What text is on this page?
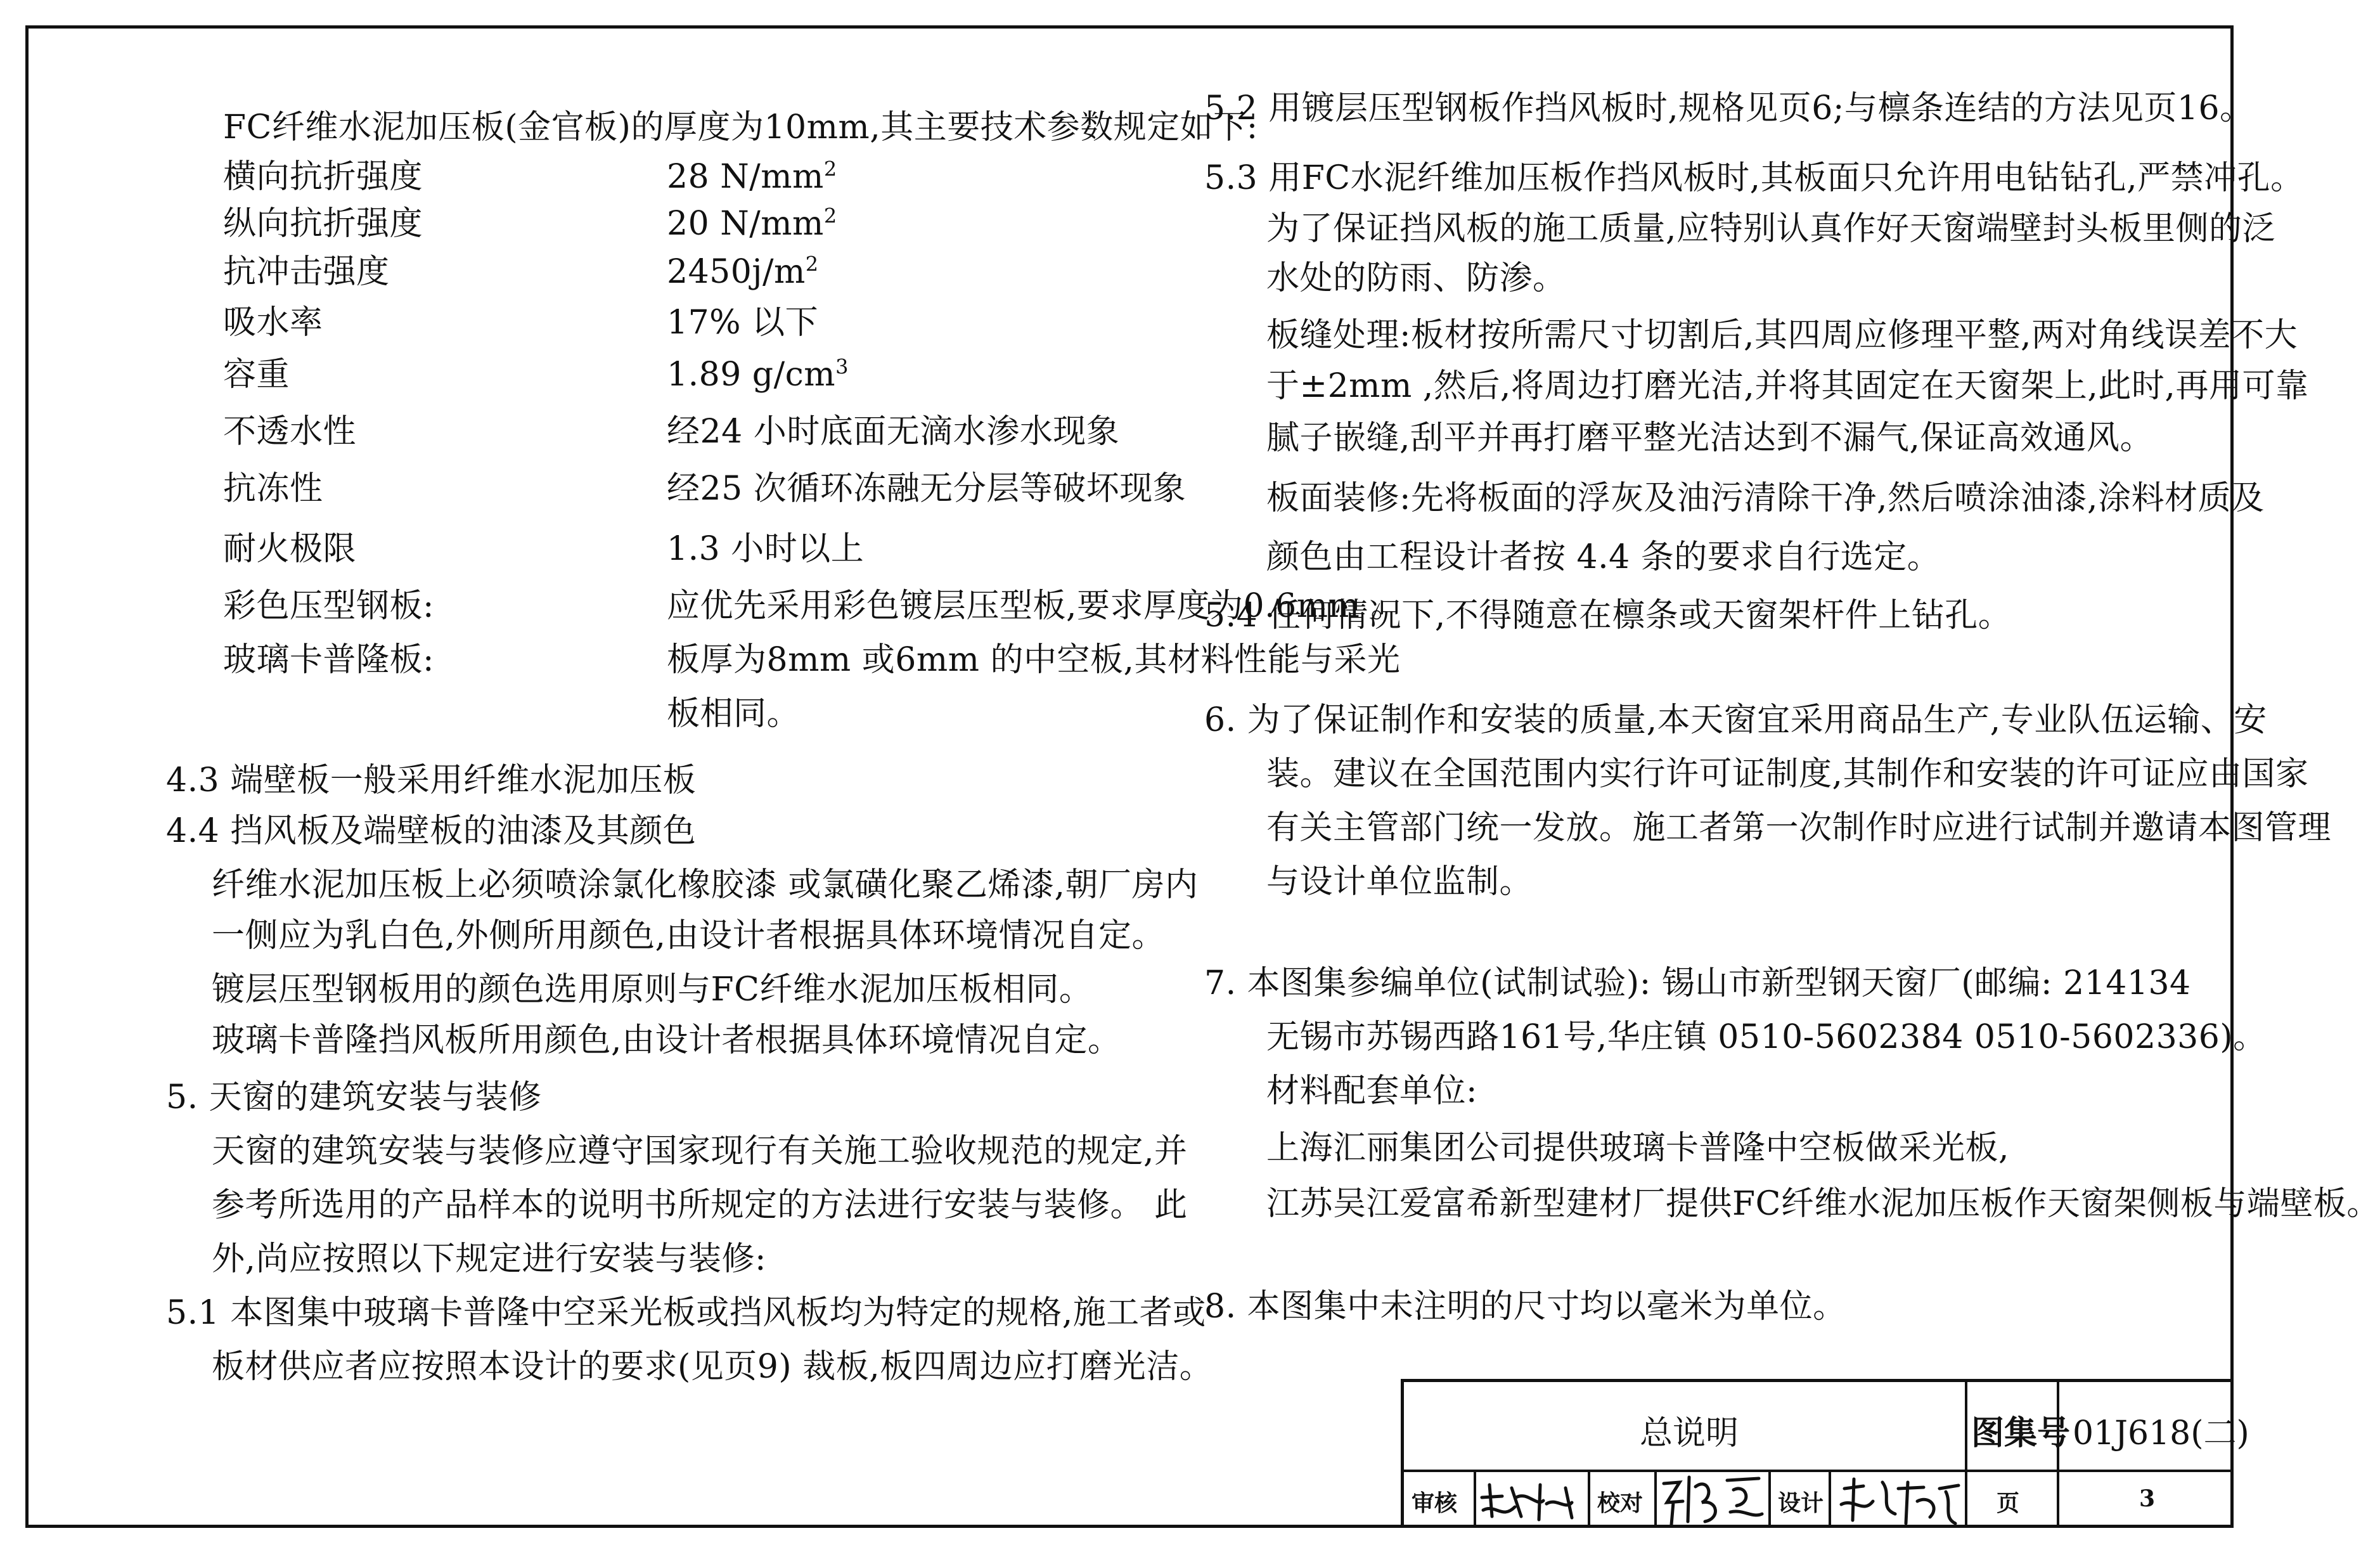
FC纤维水泥加压板(金官板)的厚度为10mm,其主要技术参数规定如下:
横向抗折强度	28 $N/mm^2$
纵向抗折强度	20 $N/mm^2$
抗冲击强度	$2450j/m^2$
吸水率	17% 以下
容重	1.89 $g/cm^3$
不透水性	经24 小时底面无滴水渗水现象
抗冻性	经25 次循环冻融无分层等破坏现象
耐火极限	1.3 小时以上
彩色压型钢板:	应优先采用彩色镀层压型板,要求厚度为0.6mm 。
玻璃卡普隆板:	板厚为8mm 或6mm 的中空板,其材料性能与采光
板相同。
4.3 端壁板一般采用纤维水泥加压板
4.4 挡风板及端壁板的油漆及其颜色
纤维水泥加压板上必须喷涂氯化橡胶漆 或氯磺化聚乙烯漆,朝厂房内
一侧应为乳白色,外侧所用颜色,由设计者根据具体环境情况自定。
镀层压型钢板用的颜色选用原则与FC纤维水泥加压板相同。
玻璃卡普隆挡风板所用颜色,由设计者根据具体环境情况自定。
5. 天窗的建筑安装与装修
天窗的建筑安装与装修应遵守国家现行有关施工验收规范的规定,并
参考所选用的产品样本的说明书所规定的方法进行安装与装修。 此
外,尚应按照以下规定进行安装与装修:
5.1 本图集中玻璃卡普隆中空采光板或挡风板均为特定的规格,施工者或
板材供应者应按照本设计的要求(见页9) 裁板,板四周边应打磨光洁。
5.2 用镀层压型钢板作挡风板时,规格见页6;与檩条连结的方法见页16。
5.3 用FC水泥纤维加压板作挡风板时,其板面只允许用电钻钻孔,严禁冲孔。
为了保证挡风板的施工质量,应特别认真作好天窗端壁封头板里侧的泛
水处的防雨、防渗。
板缝处理:板材按所需尺寸切割后,其四周应修理平整,两对角线误差不大
于±2mm ,然后,将周边打磨光洁,并将其固定在天窗架上,此时,再用可靠
腻子嵌缝,刮平并再打磨平整光洁达到不漏气,保证高效通风。
板面装修:先将板面的浮灰及油污清除干净,然后喷涂油漆,涂料材质及
颜色由工程设计者按 4.4 条的要求自行选定。
5.4 任何情况下,不得随意在檩条或天窗架杆件上钻孔。
6. 为了保证制作和安装的质量,本天窗宜采用商品生产,专业队伍运输、安
装。建议在全国范围内实行许可证制度,其制作和安装的许可证应由国家
有关主管部门统一发放。施工者第一次制作时应进行试制并邀请本图管理
与设计单位监制。
7. 本图集参编单位(试制试验): 锡山市新型钢天窗厂(邮编: 214134
无锡市苏锡西路161号,华庄镇 0510-5602384 0510-5602336)。
材料配套单位:
上海汇丽集团公司提供玻璃卡普隆中空板做采光板,
江苏吴江爱富希新型建材厂提供FC纤维水泥加压板作天窗架侧板与端壁板。
8. 本图集中未注明的尺寸均以毫米为单位。
总说明	图集号 01J618(二)
审核	校对	设计	页	3
